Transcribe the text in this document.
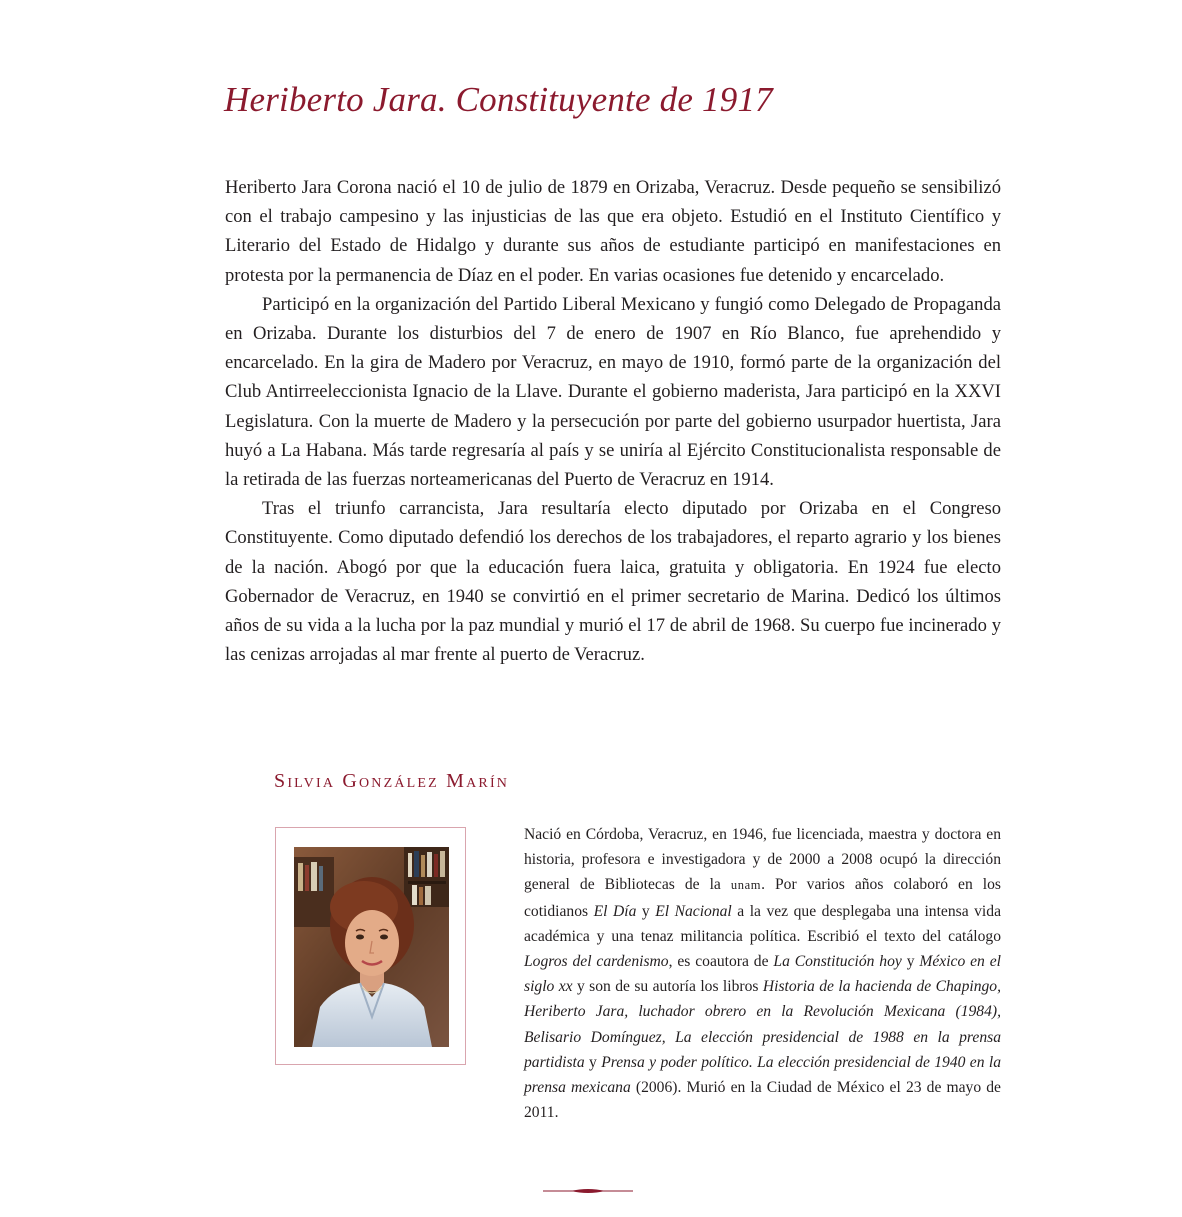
Heriberto Jara. Constituyente de 1917

Heriberto Jara Corona nació el 10 de julio de 1879 en Orizaba, Veracruz. Desde pequeño se sensibilizó con el trabajo campesino y las injusticias de las que era objeto. Estudió en el Instituto Científico y Literario del Estado de Hidalgo y durante sus años de estudiante participó en manifestaciones en protesta por la permanencia de Díaz en el poder. En varias ocasiones fue detenido y encarcelado.

Participó en la organización del Partido Liberal Mexicano y fungió como Delegado de Propaganda en Orizaba. Durante los disturbios del 7 de enero de 1907 en Río Blanco, fue aprehendido y encarcelado. En la gira de Madero por Veracruz, en mayo de 1910, formó parte de la organización del Club Antirreeleccionista Ignacio de la Llave. Durante el gobierno maderista, Jara participó en la XXVI Legislatura. Con la muerte de Madero y la persecución por parte del gobierno usurpador huertista, Jara huyó a La Habana. Más tarde regresaría al país y se uniría al Ejército Constitucionalista responsable de la retirada de las fuerzas norteamericanas del Puerto de Veracruz en 1914.

Tras el triunfo carrancista, Jara resultaría electo diputado por Orizaba en el Congreso Constituyente. Como diputado defendió los derechos de los trabajadores, el reparto agrario y los bienes de la nación. Abogó por que la educación fuera laica, gratuita y obligatoria. En 1924 fue electo Gobernador de Veracruz, en 1940 se convirtió en el primer secretario de Marina. Dedicó los últimos años de su vida a la lucha por la paz mundial y murió el 17 de abril de 1968. Su cuerpo fue incinerado y las cenizas arrojadas al mar frente al puerto de Veracruz.

Silvia González Marín
Nació en Córdoba, Veracruz, en 1946, fue licenciada, maestra y doctora en historia, profesora e investigadora y de 2000 a 2008 ocupó la dirección general de Bibliotecas de la unam. Por varios años colaboró en los cotidianos El Día y El Nacional a la vez que desplegaba una intensa vida académica y una tenaz militancia política. Escribió el texto del catálogo Logros del cardenismo, es coautora de La Constitución hoy y México en el siglo xx y son de su autoría los libros Historia de la hacienda de Chapingo, Heriberto Jara, luchador obrero en la Revolución Mexicana (1984), Belisario Domínguez, La elección presidencial de 1988 en la prensa partidista y Prensa y poder político. La elección presidencial de 1940 en la prensa mexicana (2006). Murió en la Ciudad de México el 23 de mayo de 2011.
